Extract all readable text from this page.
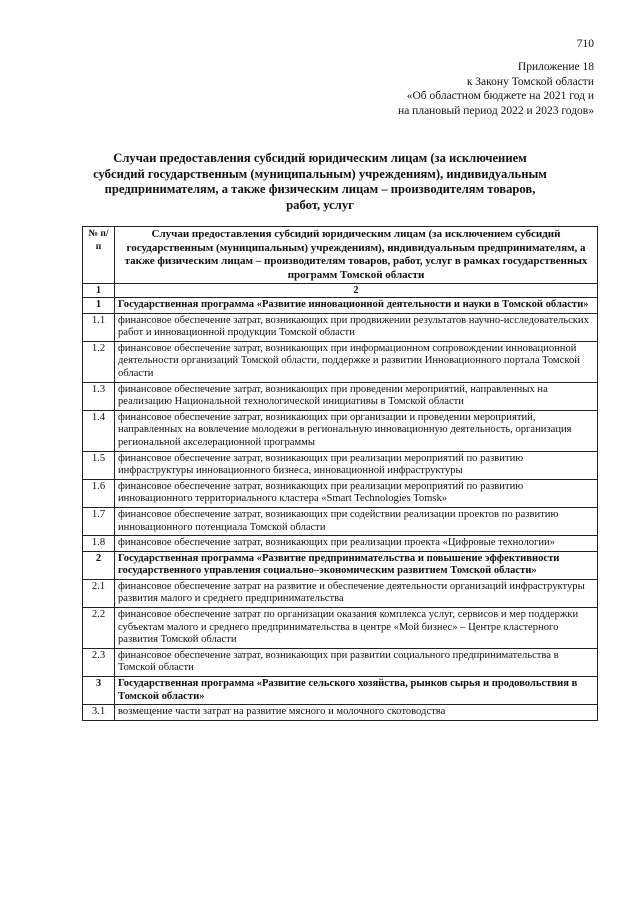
710
Приложение 18
к Закону Томской области
«Об областном бюджете на 2021 год и
на плановый период 2022 и 2023 годов»
Случаи предоставления субсидий юридическим лицам (за исключением субсидий государственным (муниципальным) учреждениям), индивидуальным предпринимателям, а также физическим лицам – производителям товаров, работ, услуг
№ п/п	Случаи предоставления субсидий юридическим лицам (за исключением субсидий государственным (муниципальным) учреждениям), индивидуальным предпринимателям, а также физическим лицам – производителям товаров, работ, услуг в рамках государственных программ Томской области
1	2
1	Государственная программа «Развитие инновационной деятельности и науки в Томской области»
1.1	финансовое обеспечение затрат, возникающих при продвижении результатов научно-исследовательских работ и инновационной продукции Томской области
1.2	финансовое обеспечение затрат, возникающих при информационном сопровождении инновационной деятельности организаций Томской области, поддержке и развитии Инновационного портала Томской области
1.3	финансовое обеспечение затрат, возникающих при проведении мероприятий, направленных на реализацию Национальной технологической инициативы в Томской области
1.4	финансовое обеспечение затрат, возникающих при организации и проведении мероприятий, направленных на вовлечение молодежи в региональную инновационную деятельность, организация региональной акселерационной программы
1.5	финансовое обеспечение затрат, возникающих при реализации мероприятий по развитию инфраструктуры инновационного бизнеса, инновационной инфраструктуры
1.6	финансовое обеспечение затрат, возникающих при реализации мероприятий по развитию инновационного территориального кластера «Smart Technologies Tomsk»
1.7	финансовое обеспечение затрат, возникающих при содействии реализации проектов по развитию инновационного потенциала Томской области
1.8	финансовое обеспечение затрат, возникающих при реализации проекта «Цифровые технологии»
2	Государственная программа «Развитие предпринимательства и повышение эффективности государственного управления социально–экономическим развитием Томской области»
2.1	финансовое обеспечение затрат на развитие и обеспечение деятельности организаций инфраструктуры развития малого и среднего предпринимательства
2.2	финансовое обеспечение затрат по организации оказания комплекса услуг, сервисов и мер поддержки субъектам малого и среднего предпринимательства в центре «Мой бизнес» – Центре кластерного развития Томской области
2.3	финансовое обеспечение затрат, возникающих при развитии социального предпринимательства в Томской области
3	Государственная программа «Развитие сельского хозяйства, рынков сырья и продовольствия в Томской области»
3.1	возмещение части затрат на развитие мясного и молочного скотоводства
